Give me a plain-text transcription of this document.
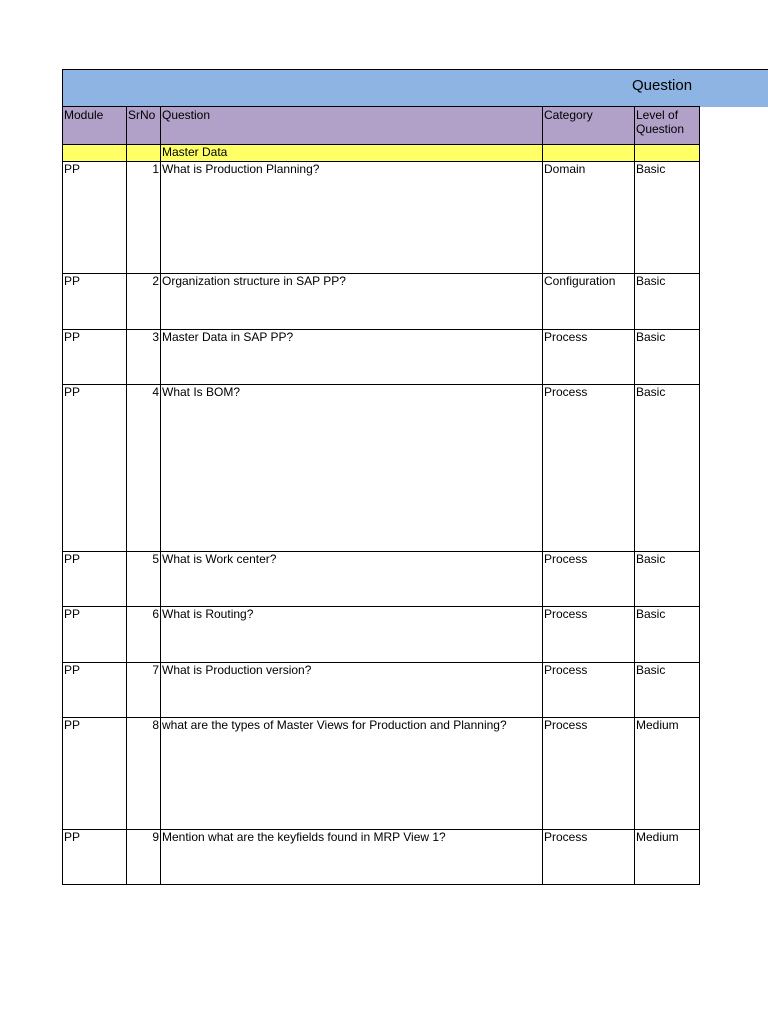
Question
Module	SrNo	Question	Category	Level of Question
		Master Data		
PP	1	What is Production Planning?	Domain	Basic
PP	2	Organization structure in SAP PP?	Configuration	Basic
PP	3	Master Data in SAP PP?	Process	Basic
PP	4	What Is BOM?	Process	Basic
PP	5	What is Work center?	Process	Basic
PP	6	What is Routing?	Process	Basic
PP	7	What is Production version?	Process	Basic
PP	8	what are the types of Master Views for Production and Planning?	Process	Medium
PP	9	Mention what are the keyfields found in MRP View 1?	Process	Medium
